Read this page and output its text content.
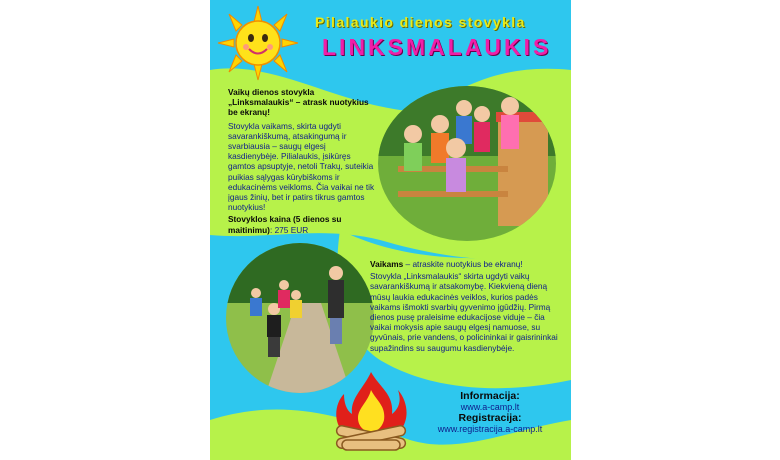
Pilalaukio dienos stovykla
LINKSMALAUKIS

Vaikų dienos stovykla „Linksmalaukis“ – atrask nuotykius be ekranų!

Stovykla vaikams, skirta ugdyti savarankiškumą, atsakingumą ir svarbiausia – saugų elgesį kasdienybėje. Pilialaukis, įsikūręs gamtos apsuptyje, netoli Trakų, suteikia puikias sąlygas kūrybiškoms ir edukacinėms veikloms. Čia vaikai ne tik įgaus žinių, bet ir patirs tikrus gamtos nuotykius!

Stovyklos kaina (5 dienos su maitinimu): 275 EUR

Vaikams – atraskite nuotykius be ekranų!

Stovykla „Linksmalaukis“ skirta ugdyti vaikų savarankiškumą ir atsakomybę. Kiekvieną dieną mūsų laukia edukacinės veiklos, kurios padės vaikams išmokti svarbių gyvenimo įgūdžių. Pirmą dienos pusę praleisime edukacijose viduje – čia vaikai mokysis apie saugų elgesį namuose, su gyvūnais, prie vandens, o policininkai ir gaisrininkai supažindins su saugumu kasdienybėje.

Informacija:
www.a-camp.lt
Registracija:
www.registracija.a-camp.lt
